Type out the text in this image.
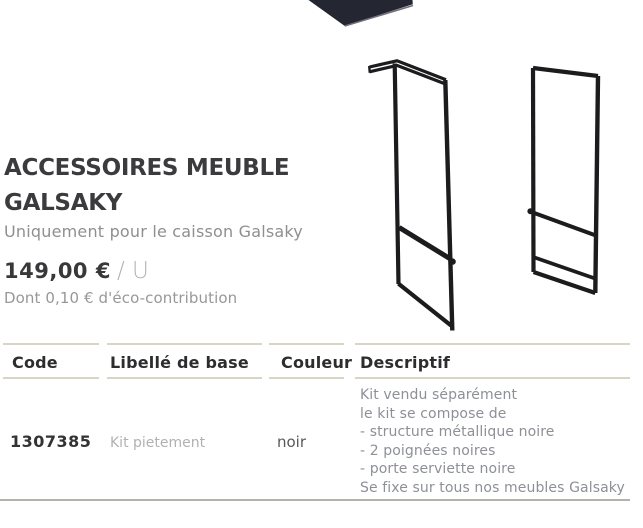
ACCESSOIRES MEUBLE
GALSAKY
Uniquement pour le caisson Galsaky
149,00 € / U
Dont 0,10 € d'éco-contribution
Code	Libellé de base Couleur Descriptif
1307385 Kit pietement	noir
Kit vendu séparément
le kit se compose de
- structure métallique noire
- 2 poignées noires
- porte serviette noire
Se fixe sur tous nos meubles Galsaky
